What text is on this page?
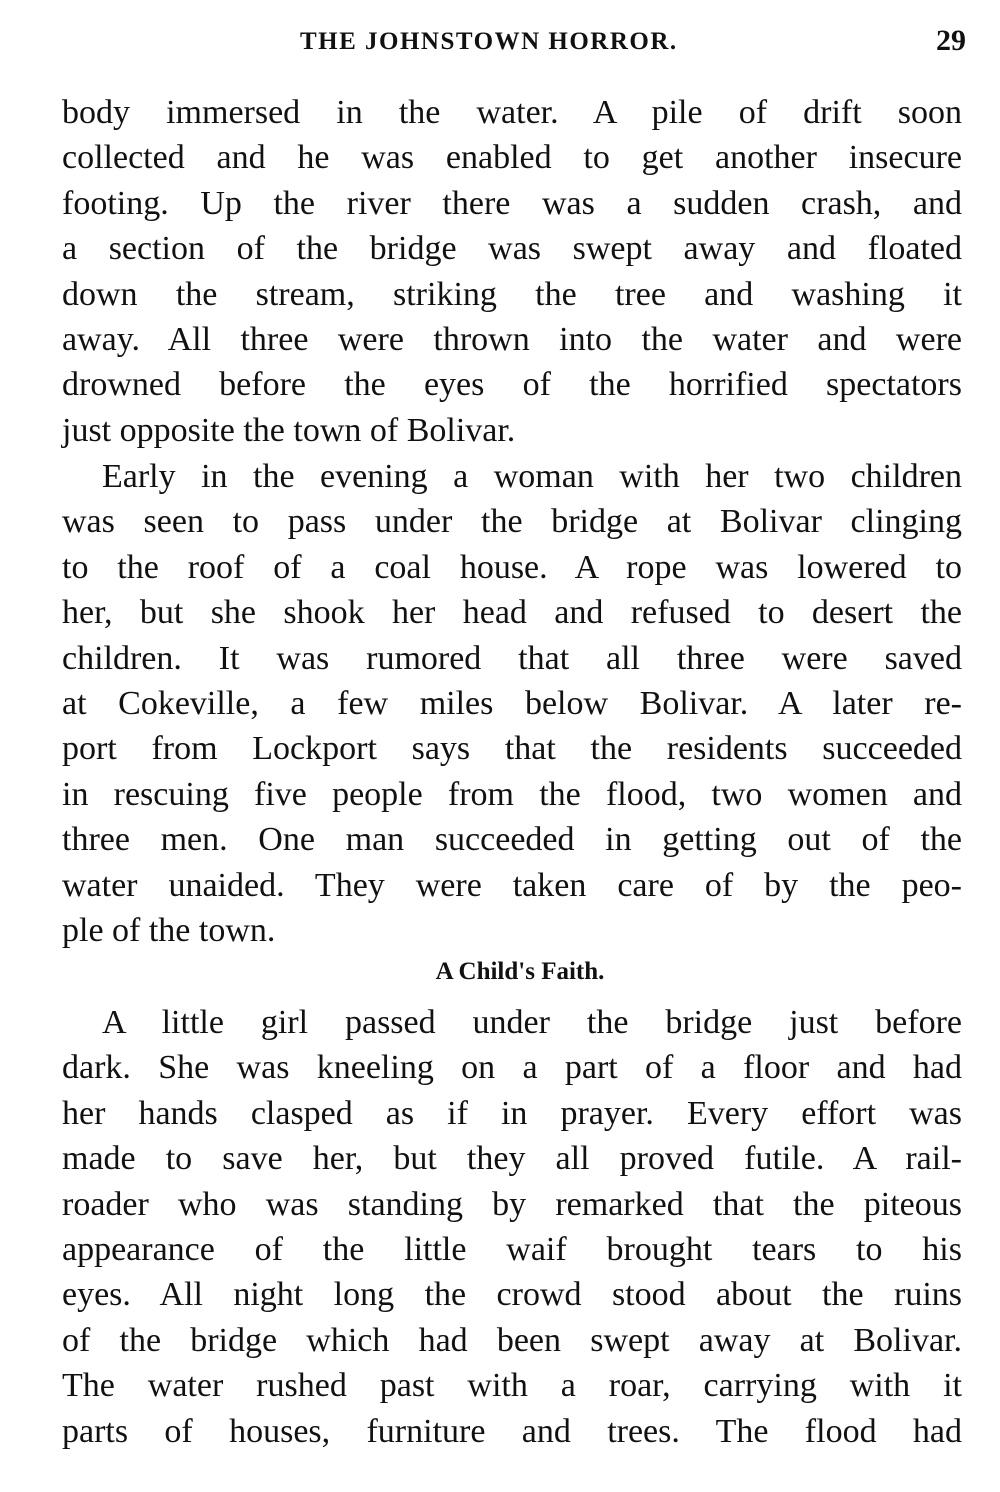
THE JOHNSTOWN HORROR.	29

body immersed in the water. A pile of drift soon
collected and he was enabled to get another insecure
footing. Up the river there was a sudden crash, and
a section of the bridge was swept away and floated
down the stream, striking the tree and washing it
away. All three were thrown into the water and were
drowned before the eyes of the horrified spectators
just opposite the town of Bolivar.

Early in the evening a woman with her two children
was seen to pass under the bridge at Bolivar clinging
to the roof of a coal house. A rope was lowered to
her, but she shook her head and refused to desert the
children. It was rumored that all three were saved
at Cokeville, a few miles below Bolivar. A later re-
port from Lockport says that the residents succeeded
in rescuing five people from the flood, two women and
three men. One man succeeded in getting out of the
water unaided. They were taken care of by the peo-
ple of the town.

A Child's Faith.

A little girl passed under the bridge just before
dark. She was kneeling on a part of a floor and had
her hands clasped as if in prayer. Every effort was
made to save her, but they all proved futile. A rail-
roader who was standing by remarked that the piteous
appearance of the little waif brought tears to his
eyes. All night long the crowd stood about the ruins
of the bridge which had been swept away at Bolivar.
The water rushed past with a roar, carrying with it
parts of houses, furniture and trees. The flood had
